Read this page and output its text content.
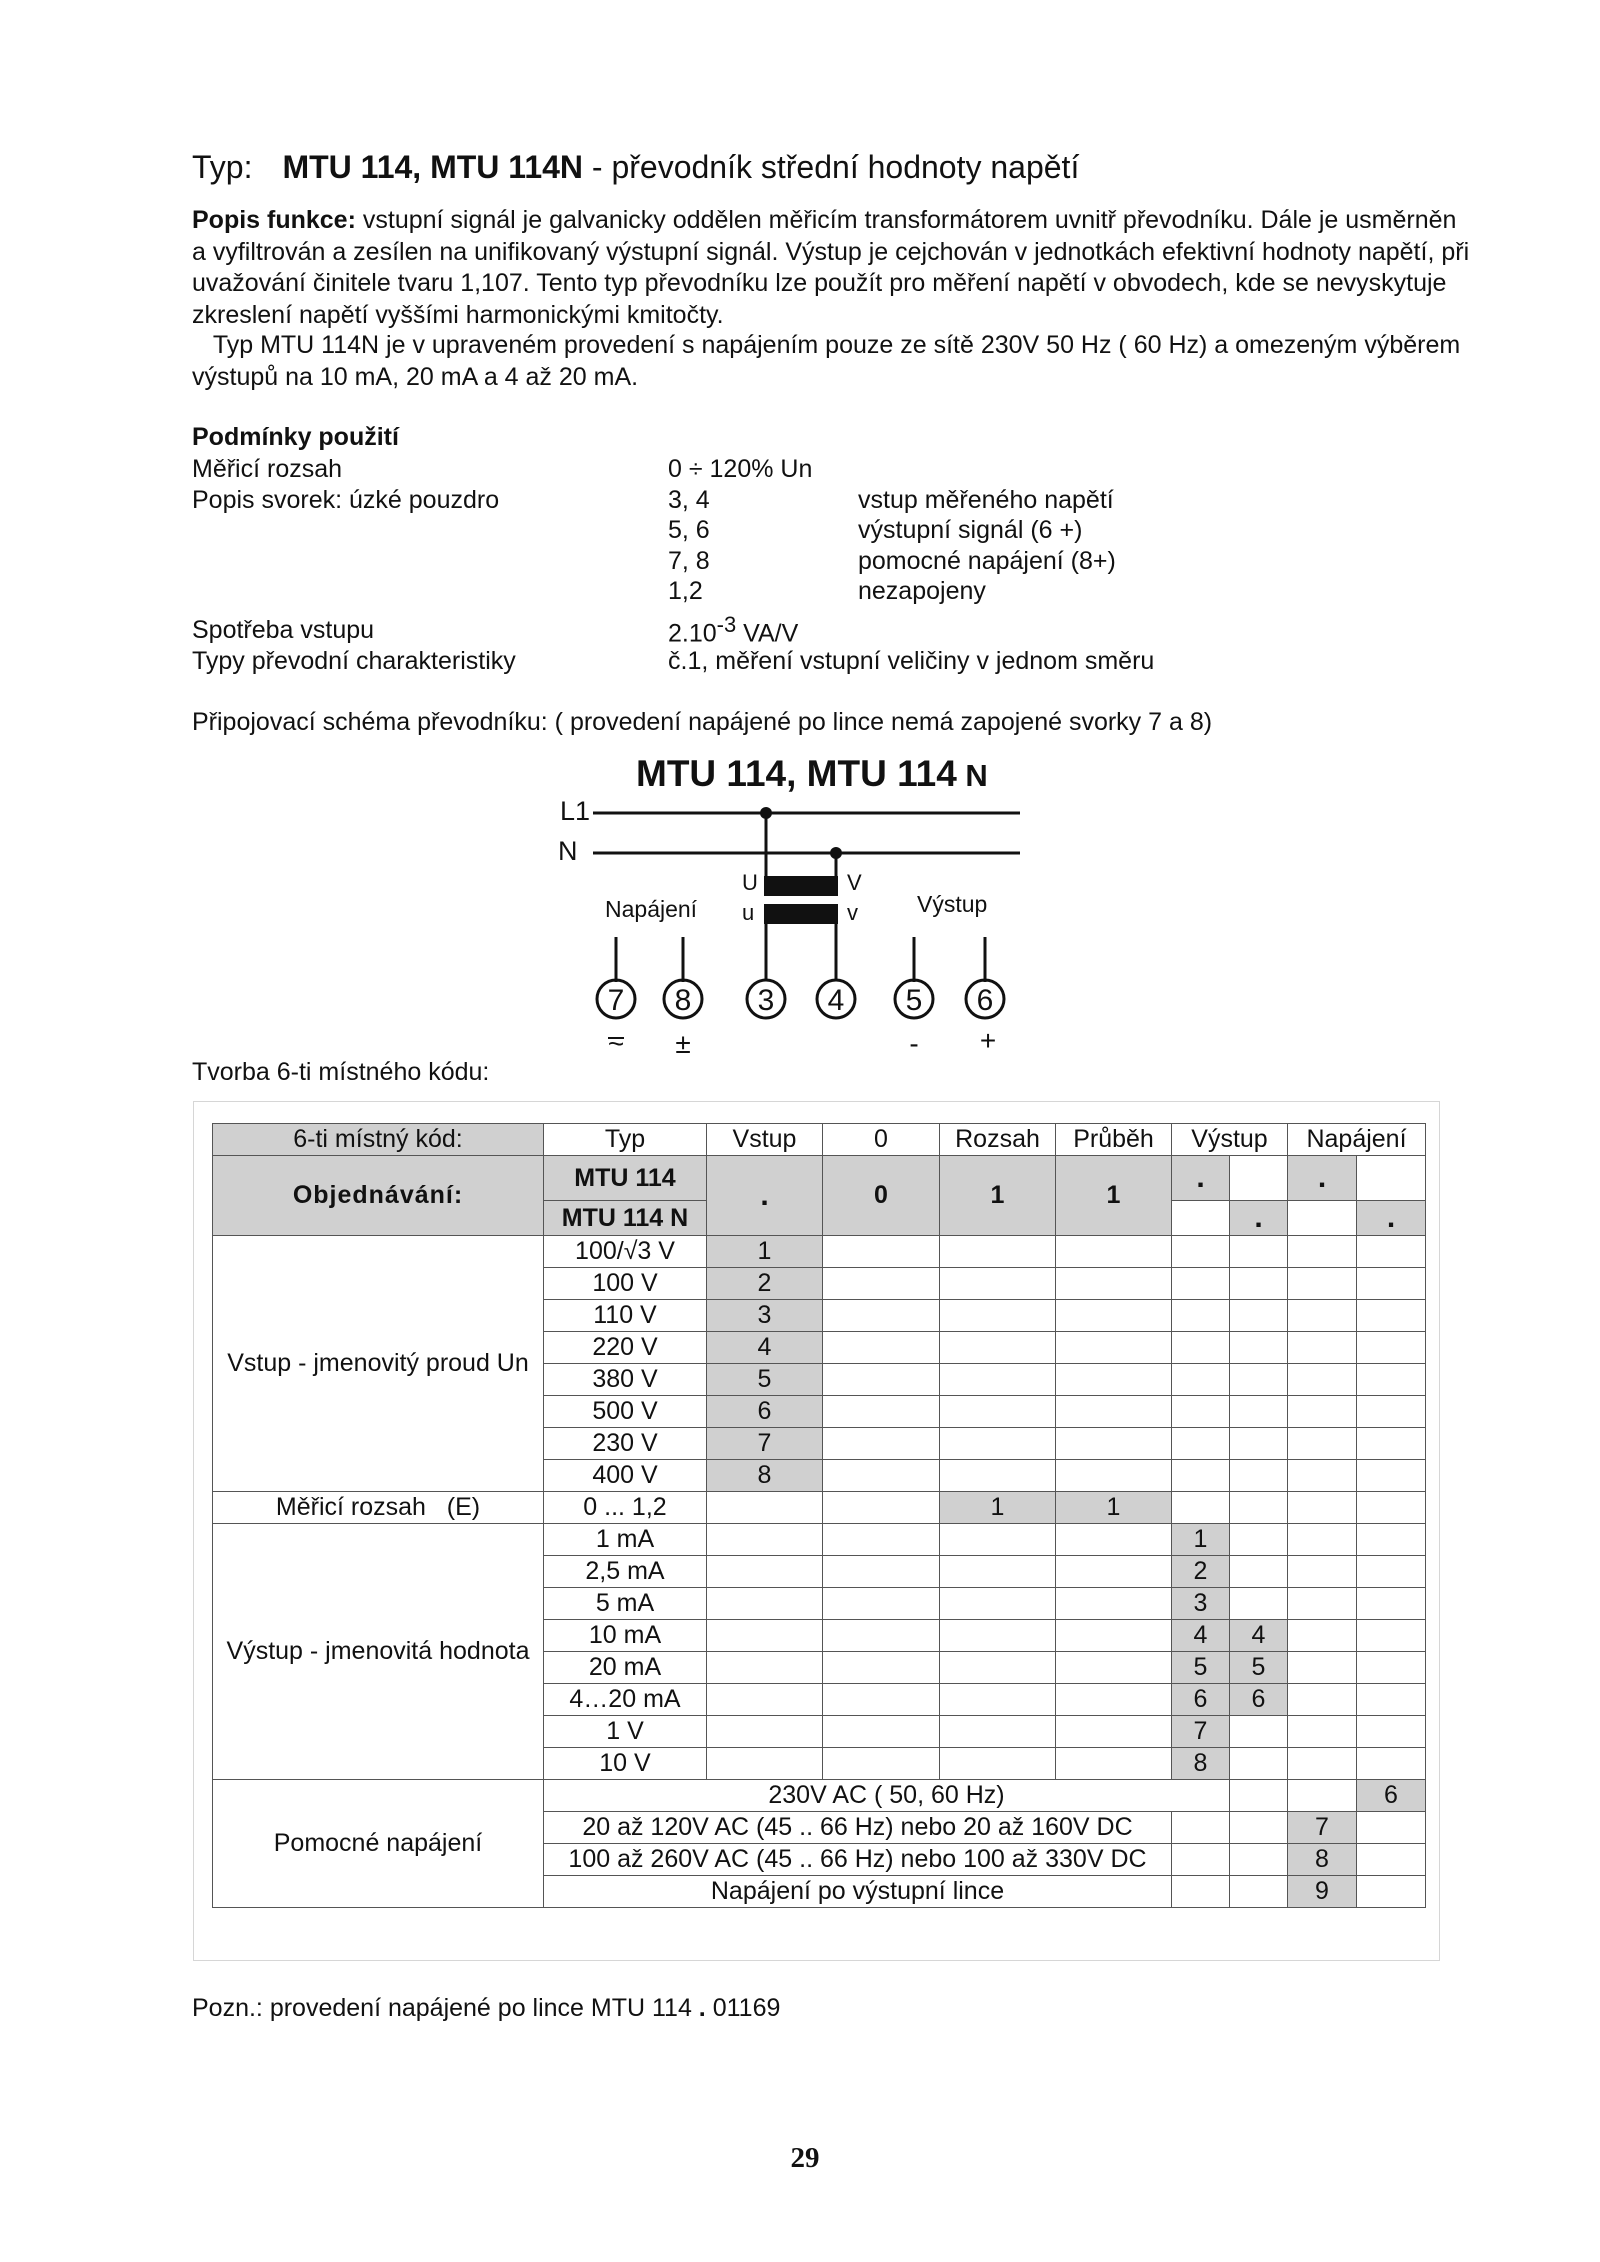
Typ: MTU 114, MTU 114N - převodník střední hodnoty napětí
Popis funkce: vstupní signál je galvanicky oddělen měřicím transformátorem uvnitř převodníku. Dále je usměrněn a vyfiltrován a zesílen na unifikovaný výstupní signál. Výstup je cejchován v jednotkách efektivní hodnoty napětí, při uvažování činitele tvaru 1,107. Tento typ převodníku lze použít pro měření napětí v obvodech, kde se nevyskytuje zkreslení napětí vyššími harmonickými kmitočty.
Typ MTU 114N je v upraveném provedení s napájením pouze ze sítě 230V 50 Hz ( 60 Hz) a omezeným výběrem výstupů na 10 mA, 20 mA a 4 až 20 mA.
Podmínky použití
Měřicí rozsah	0 ÷ 120% Un
Popis svorek: úzké pouzdro	3, 4	vstup měřeného napětí
5, 6	výstupní signál (6 +)
7, 8	pomocné napájení (8+)
1,2	nezapojeny
Spotřeba vstupu	$2.10^{-3}$ VA/V
Typy převodní charakteristiky	č.1, měření vstupní veličiny v jednom směru
Připojovací schéma převodníku: ( provedení napájené po lince nemá zapojené svorky 7 a 8)
MTU 114, MTU 114 N
L1
N
U
u
V
v
Napájení	Výstup
7 8 3 4 5 6
~ ±	- +
Tvorba 6-ti místného kódu:
6-ti místný kód:	Typ	Vstup	0	Rozsah	Průběh	Výstup		Napájení	
Objednávání:	MTU 114	.	0	1	1	.		.	
	MTU 114 N						.		.
Vstup - jmenovitý proud Un	100/√3 V	1							
	100 V	2							
	110 V	3							
	220 V	4							
	380 V	5							
	500 V	6							
	230 V	7							
	400 V	8							
Měřicí rozsah   (E)	0 ... 1,2			1	1				
Výstup - jmenovitá hodnota	1 mA					1			
	2,5 mA					2			
	5 mA					3			
	10 mA					4	4		
	20 mA					5	5		
	4…20 mA					6	6		
	1 V					7			
	10 V					8			
Pomocné napájení	230V AC ( 50, 60 Hz)								6
	20 až 120V AC (45 .. 66 Hz) nebo 20 až 160V DC							7	
	100 až 260V AC (45 .. 66 Hz) nebo 100 až 330V DC							8	
	Napájení po výstupní lince							9	
Pozn.: provedení napájené po lince MTU 114 . 01169
29
